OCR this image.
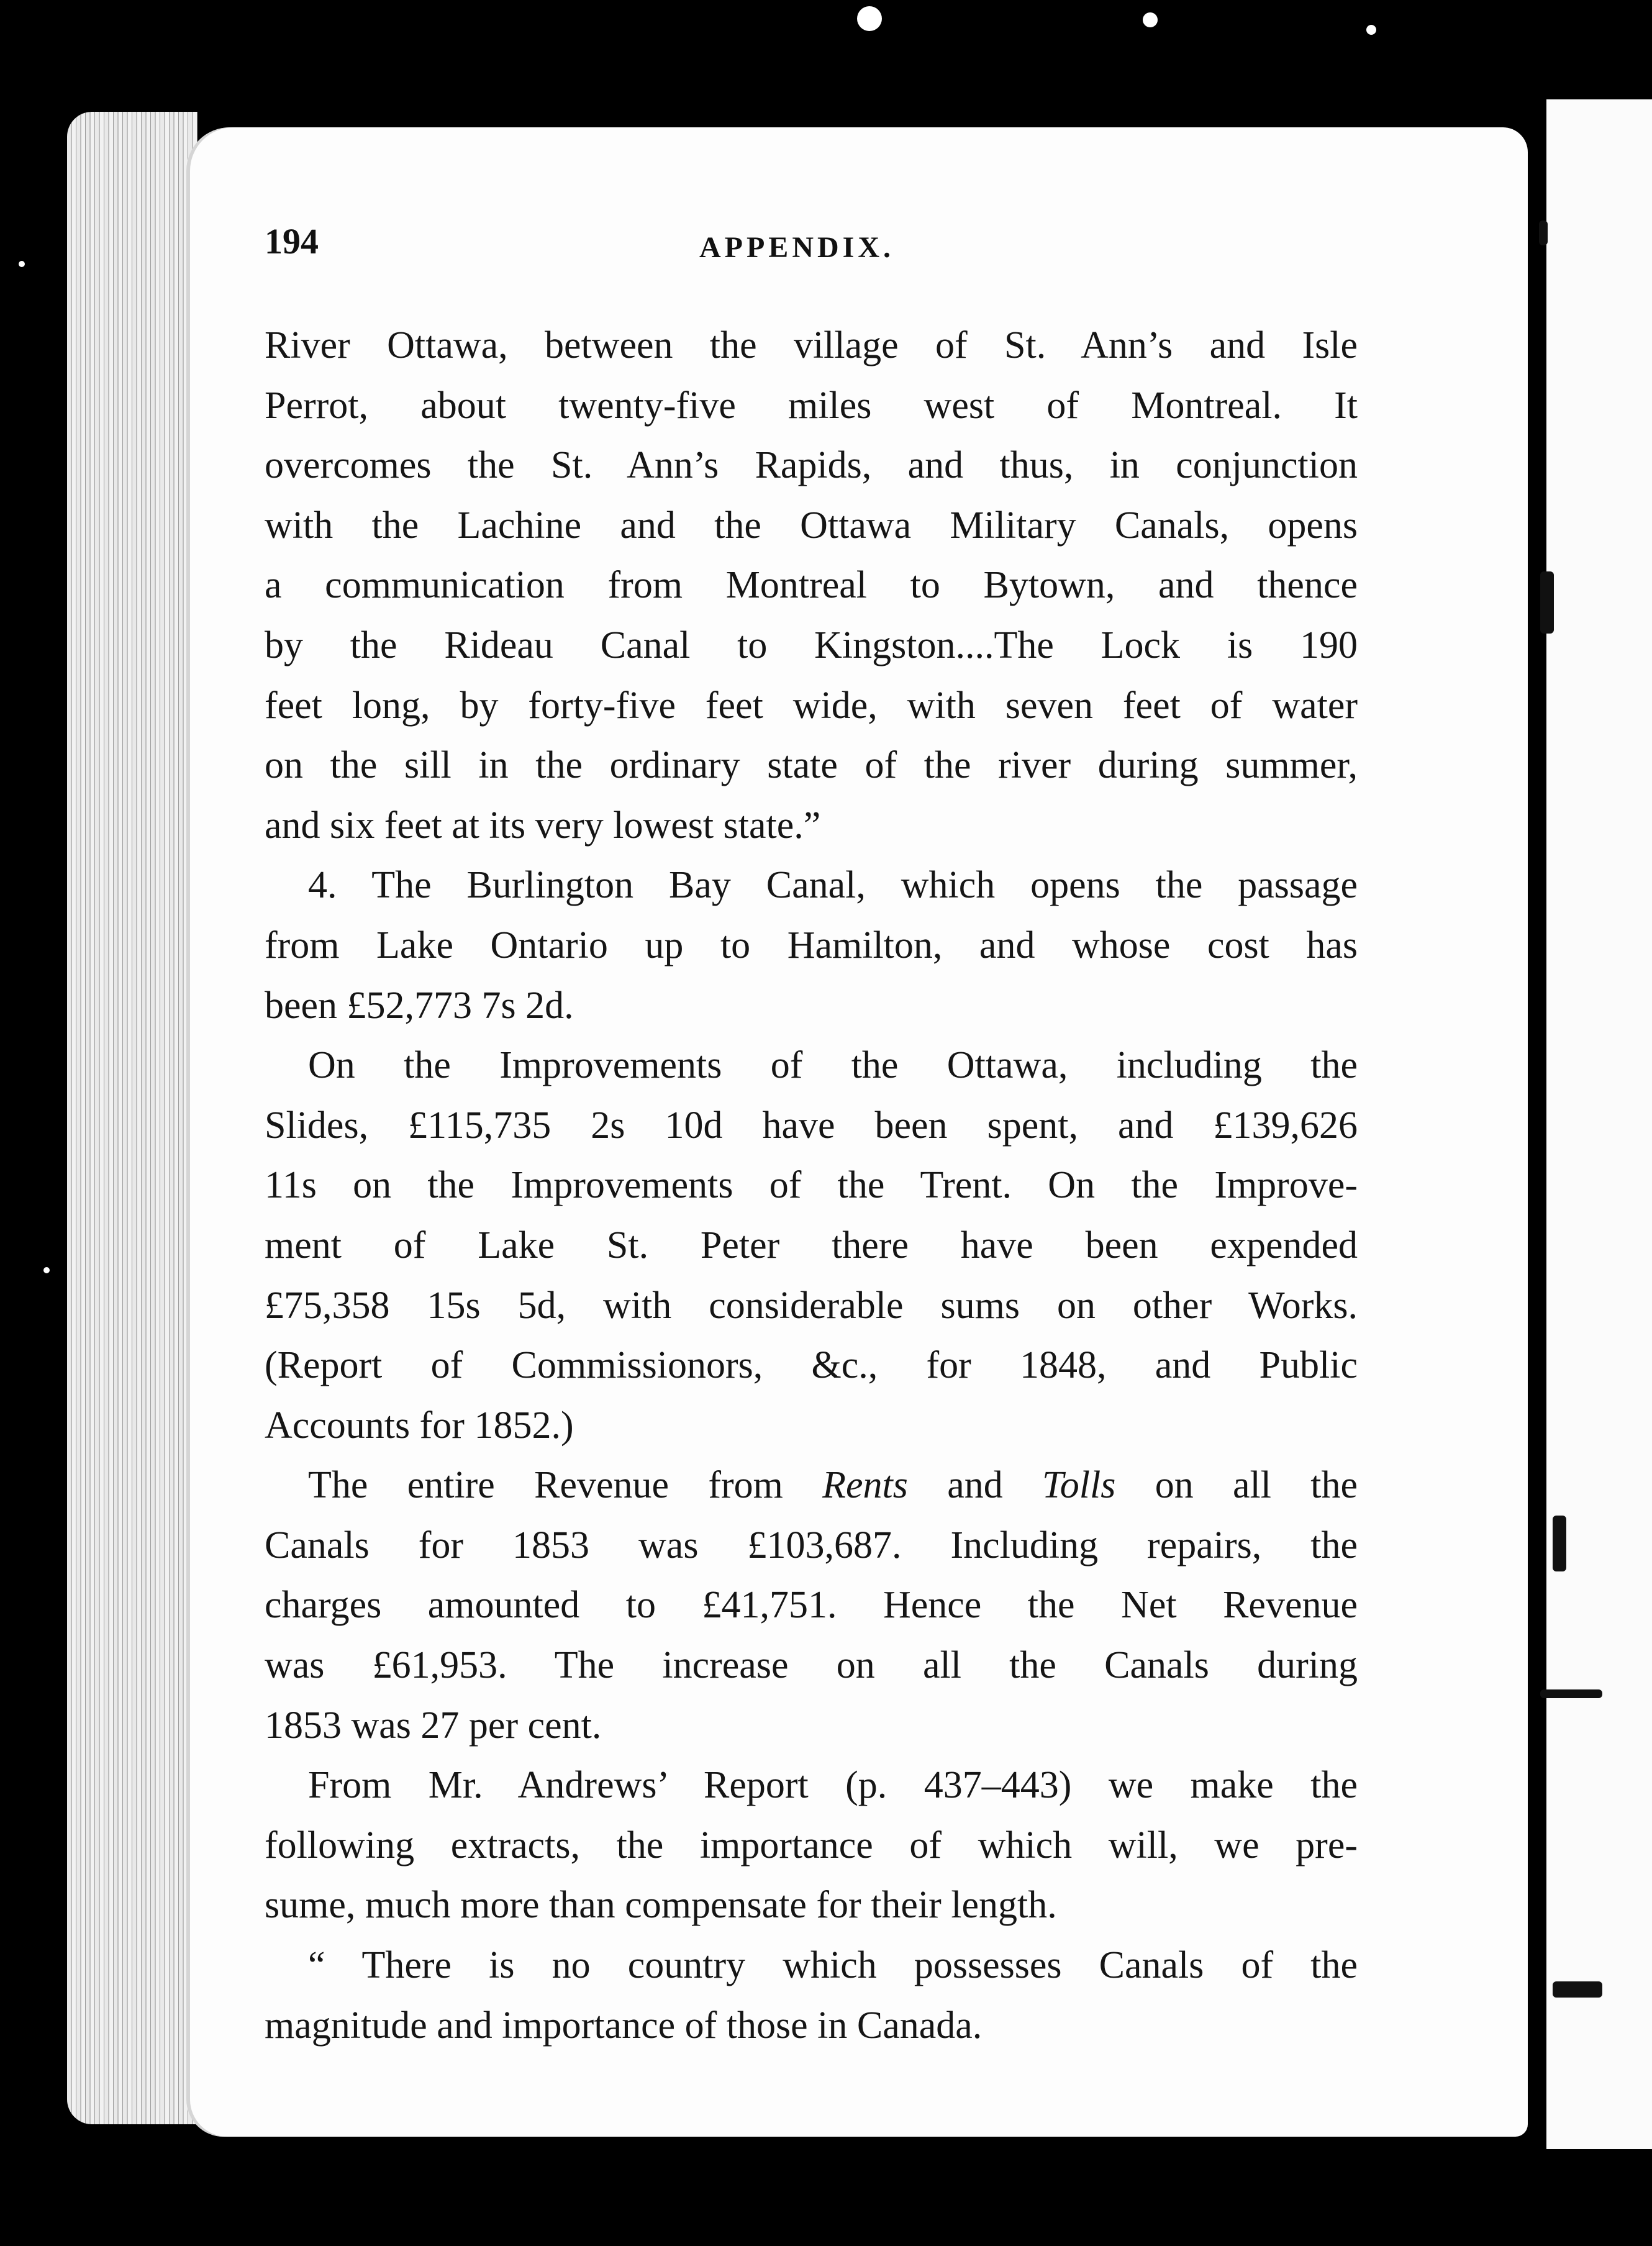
194	APPENDIX.
River Ottawa, between the village of St. Ann’s and Isle
Perrot, about twenty-five miles west of Montreal. It
overcomes the St. Ann’s Rapids, and thus, in conjunction
with the Lachine and the Ottawa Military Canals, opens
a communication from Montreal to Bytown, and thence
by the Rideau Canal to Kingston....The Lock is 190
feet long, by forty-five feet wide, with seven feet of water
on the sill in the ordinary state of the river during summer,
and six feet at its very lowest state.”
4. The Burlington Bay Canal, which opens the passage
from Lake Ontario up to Hamilton, and whose cost has
been £52,773 7s 2d.
On the Improvements of the Ottawa, including the
Slides, £115,735 2s 10d have been spent, and £139,626
11s on the Improvements of the Trent. On the Improve-
ment of Lake St. Peter there have been expended
£75,358 15s 5d, with considerable sums on other Works.
(Report of Commissionors, &c., for 1848, and Public
Accounts for 1852.)
The entire Revenue from Rents and Tolls on all the
Canals for 1853 was £103,687. Including repairs, the
charges amounted to £41,751. Hence the Net Revenue
was £61,953. The increase on all the Canals during
1853 was 27 per cent.
From Mr. Andrews’ Report (p. 437–443) we make the
following extracts, the importance of which will, we pre-
sume, much more than compensate for their length.
“ There is no country which possesses Canals of the
magnitude and importance of those in Canada.
